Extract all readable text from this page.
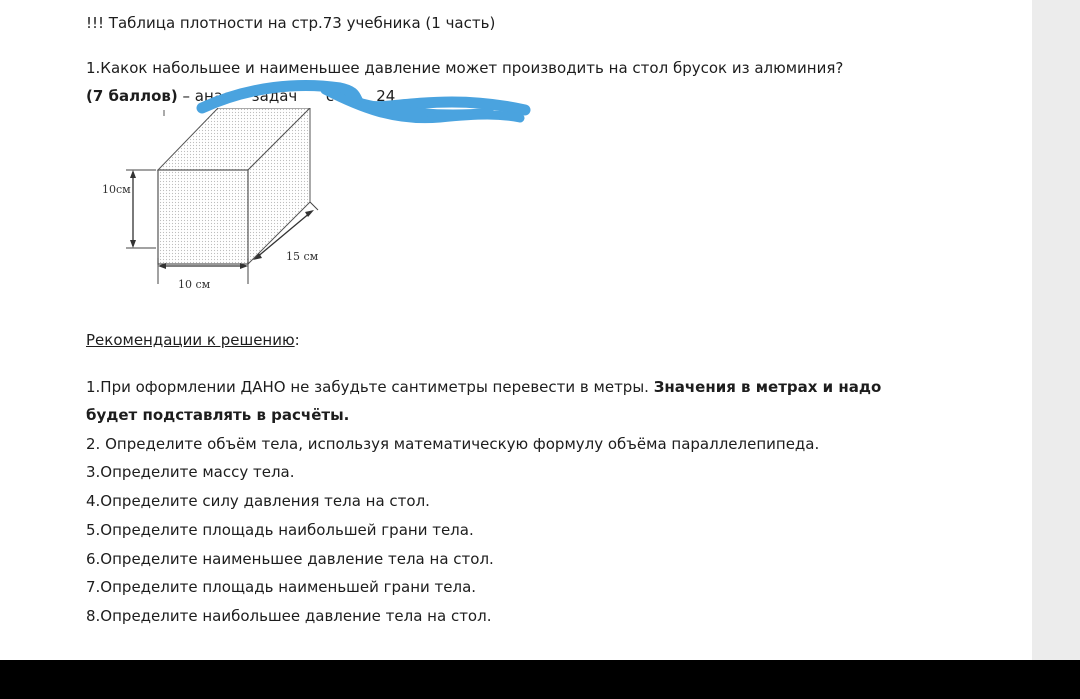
!!! Таблица плотности на стр.73 учебника (1 часть)
1.Какок набольшее и наименьшее давление может производить на стол брусок из алюминия?
(7 баллов) – анал    задач      стр     24
10см
10 см
15 см
Рекомендации к решению:
1.При оформлении ДАНО не забудьте сантиметры перевести в метры. Значения в метрах и надо
будет подставлять в расчёты.
2. Определите объём тела, используя математическую формулу объёма параллелепипеда.
3.Определите массу тела.
4.Определите силу давления тела на стол.
5.Определите площадь наибольшей грани тела.
6.Определите наименьшее давление тела на стол.
7.Определите площадь наименьшей грани тела.
8.Определите наибольшее давление тела на стол.
